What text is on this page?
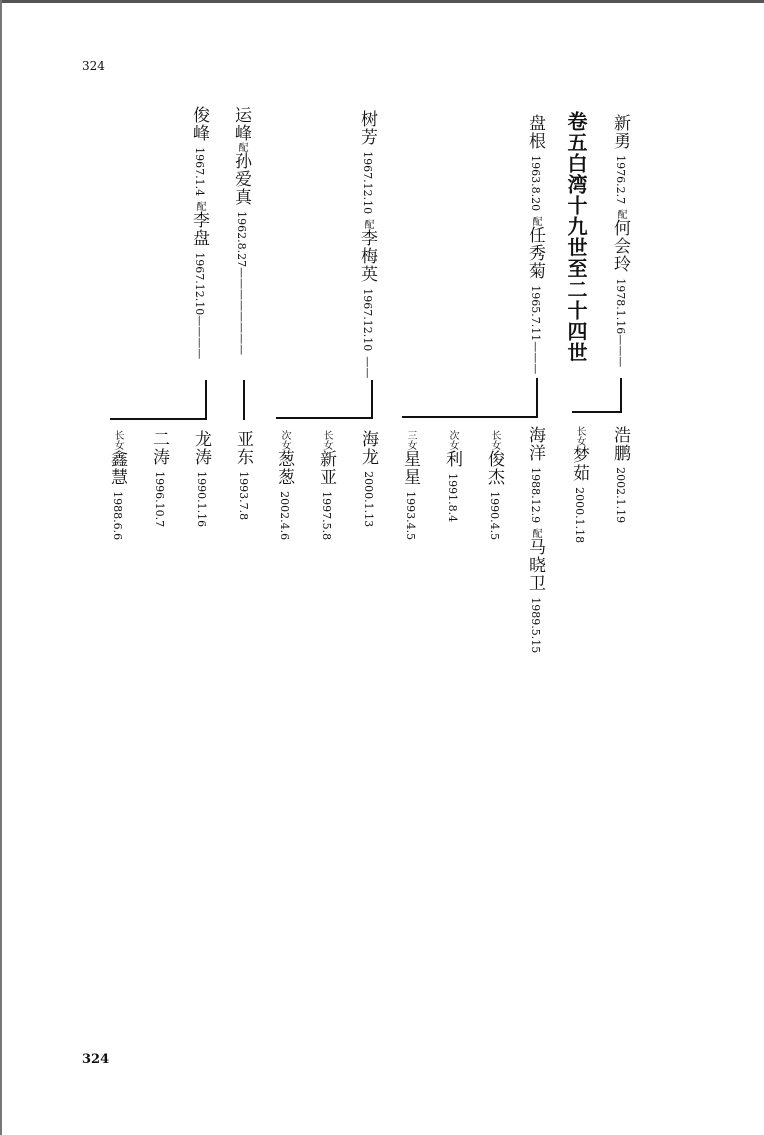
324
卷五白湾十九世至二十四世 新勇 1976.2.7 配何会玲 1978.1.16———
盘根 1963.8.20 配任秀菊 1965.7.11———
树芳 1967.12.10 配李梅英 1967.12.10 ——
运峰配孙爱真 1962.8.27————————
俊峰 1967.1.4 配李盘 1967.12.10————
浩鹏 2002.1.19
长女梦茹 2000.1.18
海洋 1988.12.9 配马晓卫 1989.5.15
长女俊杰 1990.4.5
次女利 1991.8.4
三女星星 1993.4.5
海龙 2000.1.13
长女新亚 1997.5.8
次女葱葱 2002.4.6
亚东 1993.7.8
龙涛 1990.1.16
二涛 1996.10.7
长女鑫慧 1988.6.6
324
